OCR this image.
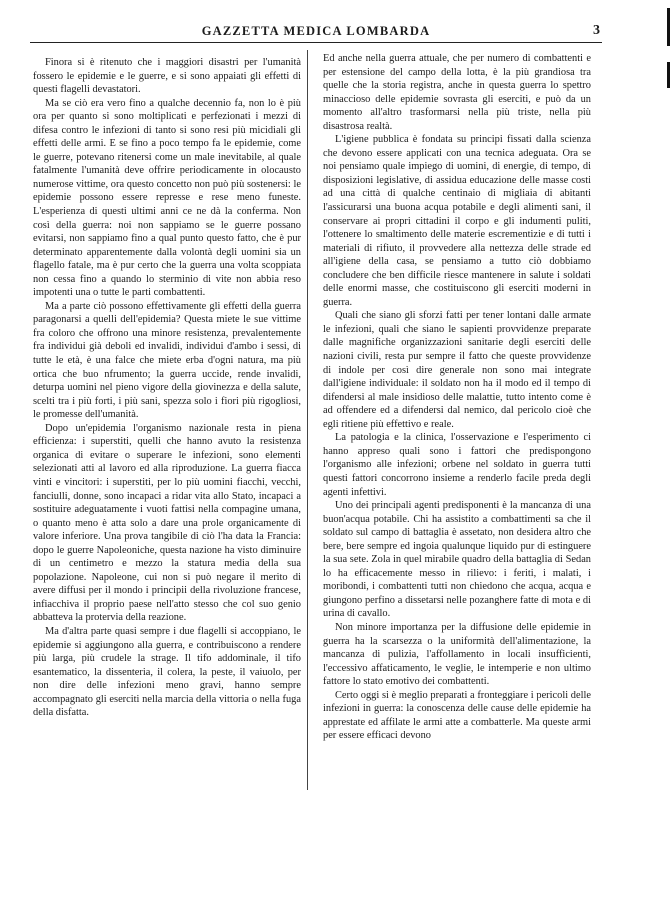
GAZZETTA MEDICA LOMBARDA	3

Finora si è ritenuto che i maggiori disastri per l'umanità fossero le epidemie e le guerre, e si sono appaiati gli effetti di questi flagelli devastatori.

Ma se ciò era vero fino a qualche decennio fa, non lo è più ora per quanto si sono moltiplicati e perfezionati i mezzi di difesa contro le infezioni di tanto si sono resi più micidiali gli effetti delle armi. E se fino a poco tempo fa le epidemie, come le guerre, potevano ritenersi come un male inevitabile, al quale fatalmente l'umanità deve offrire periodicamente in olocausto numerose vittime, ora questo concetto non può più sostenersi: le epidemie possono essere represse e rese meno funeste. L'esperienza di questi ultimi anni ce ne dà la conferma. Non così della guerra: noi non sappiamo se le guerre possano evitarsi, non sappiamo fino a qual punto questo fatto, che è pur determinato apparentemente dalla volontà degli uomini sia un flagello fatale, ma è pur certo che la guerra una volta scoppiata non cessa fino a quando lo sterminio di vite non abbia reso impotenti una o tutte le parti combattenti.

Ma a parte ciò possono effettivamente gli effetti della guerra paragonarsi a quelli dell'epidemia? Questa miete le sue vittime fra coloro che offrono una minore resistenza, prevalentemente fra individui già deboli ed invalidi, individui d'ambo i sessi, di tutte le età, è una falce che miete erba d'ogni natura, ma più ortica che buo nfrumento; la guerra uccide, rende invalidi, deturpa uomini nel pieno vigore della giovinezza e della salute, scelti tra i più forti, i più sani, spezza solo i fiori più rigogliosi, le promesse dell'umanità.

Dopo un'epidemia l'organismo nazionale resta in piena efficienza: i superstiti, quelli che hanno avuto la resistenza organica di evitare o superare le infezioni, sono elementi selezionati atti al lavoro ed alla riproduzione. La guerra fiacca vinti e vincitori: i superstiti, per lo più uomini fiacchi, vecchi, fanciulli, donne, sono incapaci a ridar vita allo Stato, incapaci a sostituire adeguatamente i vuoti fattisi nella compagine umana, o quanto meno è atta solo a dare una prole organicamente di valore inferiore. Una prova tangibile di ciò l'ha data la Francia: dopo le guerre Napoleoniche, questa nazione ha visto diminuire di un centimetro e mezzo la statura media della sua popolazione. Napoleone, cui non si può negare il merito di avere diffusi per il mondo i principii della rivoluzione francese, infiacchiva il proprio paese nell'atto stesso che col suo genio abbatteva la protervia della reazione.

Ma d'altra parte quasi sempre i due flagelli si accoppiano, le epidemie si aggiungono alla guerra, e contribuiscono a rendere più larga, più crudele la strage. Il tifo addominale, il tifo esantematico, la dissenteria, il colera, la peste, il vaiuolo, per non dire delle infezioni meno gravi, hanno sempre accompagnato gli eserciti nella marcia della vittoria o nella fuga della disfatta.

Ed anche nella guerra attuale, che per numero di combattenti e per estensione del campo della lotta, è la più grandiosa tra quelle che la storia registra, anche in questa guerra lo spettro minaccioso delle epidemie sovrasta gli eserciti, e può da un momento all'altro trasformarsi nella più triste, nella più disastrosa realtà.

L'igiene pubblica è fondata su principi fissati dalla scienza che devono essere applicati con una tecnica adeguata. Ora se noi pensiamo quale impiego di uomini, di energie, di tempo, di disposizioni legislative, di assidua educazione delle masse costi ad una città di qualche centinaio di migliaia di abitanti l'assicurarsi una buona acqua potabile e degli alimenti sani, il conservare ai propri cittadini il corpo e gli indumenti puliti, l'ottenere lo smaltimento delle materie escrementizie e di tutti i materiali di rifiuto, il provvedere alla nettezza delle strade ed all'igiene della casa, se pensiamo a tutto ciò dobbiamo concludere che ben difficile riesce mantenere in salute i soldati delle enormi masse, che costituiscono gli eserciti moderni in guerra.

Quali che siano gli sforzi fatti per tener lontani dalle armate le infezioni, quali che siano le sapienti provvidenze preparate dalle magnifiche organizzazioni sanitarie degli eserciti delle nazioni civili, resta pur sempre il fatto che queste provvidenze di indole per così dire generale non sono mai integrate dall'igiene individuale: il soldato non ha il modo ed il tempo di difendersi al male insidioso delle malattie, tutto intento come è ad offendere ed a difendersi dal nemico, dal pericolo cioè che egli ritiene più effettivo e reale.

La patologia e la clinica, l'osservazione e l'esperimento ci hanno appreso quali sono i fattori che predispongono l'organismo alle infezioni; orbene nel soldato in guerra tutti questi fattori concorrono insieme a renderlo facile preda degli agenti infettivi.

Uno dei principali agenti predisponenti è la mancanza di una buon'acqua potabile. Chi ha assistito a combattimenti sa che il soldato sul campo di battaglia è assetato, non desidera altro che bere, bere sempre ed ingoia qualunque liquido pur di estinguere la sua sete. Zola in quel mirabile quadro della battaglia di Sedan lo ha efficacemente messo in rilievo: i feriti, i malati, i moribondi, i combattenti tutti non chiedono che acqua, acqua e giungono perfino a dissetarsi nelle pozanghere fatte di mota e di urina di cavallo.

Non minore importanza per la diffusione delle epidemie in guerra ha la scarsezza o la uniformità dell'alimentazione, la mancanza di pulizia, l'affollamento in locali insufficienti, l'eccessivo affaticamento, le veglie, le intemperie e non ultimo fattore lo stato emotivo dei combattenti.

Certo oggi si è meglio preparati a fronteggiare i pericoli delle infezioni in guerra: la conoscenza delle cause delle epidemie ha apprestate ed affilate le armi atte a combatterle. Ma queste armi per essere efficaci devono
